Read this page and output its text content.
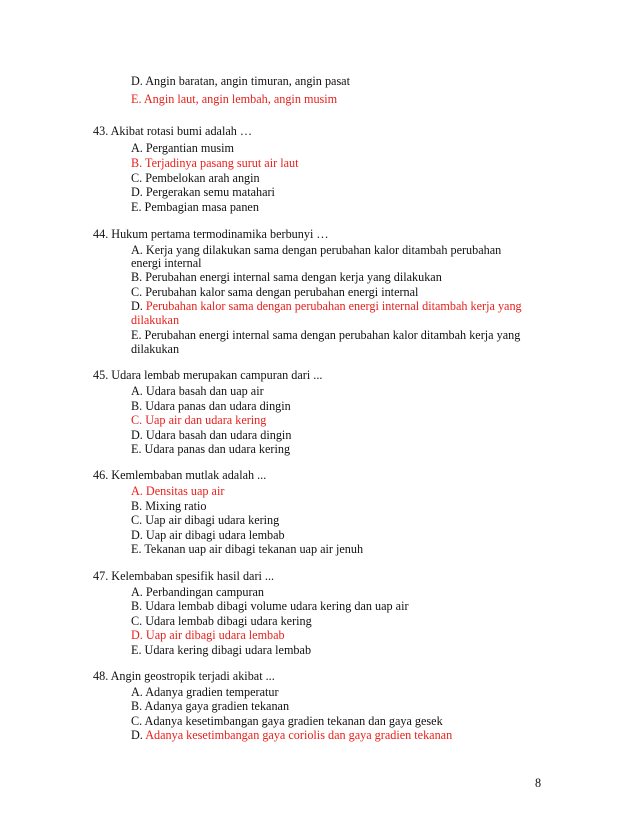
D. Angin baratan, angin timuran, angin pasat
E. Angin laut, angin lembah, angin musim
43. Akibat rotasi bumi adalah …
A. Pergantian musim
B. Terjadinya pasang surut air laut
C. Pembelokan arah angin
D. Pergerakan semu matahari
E. Pembagian masa panen
44. Hukum pertama termodinamika berbunyi …
A. Kerja yang dilakukan sama dengan perubahan kalor ditambah perubahan
energi internal
B. Perubahan energi internal sama dengan kerja yang dilakukan
C. Perubahan kalor sama dengan perubahan energi internal
D. Perubahan kalor sama dengan perubahan energi internal ditambah kerja yang
dilakukan
E. Perubahan energi internal sama dengan perubahan kalor ditambah kerja yang
dilakukan
45. Udara lembab merupakan campuran dari ...
A. Udara basah dan uap air
B. Udara panas dan udara dingin
C. Uap air dan udara kering
D. Udara basah dan udara dingin
E. Udara panas dan udara kering
46. Kemlembaban mutlak adalah ...
A. Densitas uap air
B. Mixing ratio
C. Uap air dibagi udara kering
D. Uap air dibagi udara lembab
E. Tekanan uap air dibagi tekanan uap air jenuh
47. Kelembaban spesifik hasil dari ...
A. Perbandingan campuran
B. Udara lembab dibagi volume udara kering dan uap air
C. Udara lembab dibagi udara kering
D. Uap air dibagi udara lembab
E. Udara kering dibagi udara lembab
48. Angin geostropik terjadi akibat ...
A. Adanya gradien temperatur
B. Adanya gaya gradien tekanan
C. Adanya kesetimbangan gaya gradien tekanan dan gaya gesek
D. Adanya kesetimbangan gaya coriolis dan gaya gradien tekanan
8
